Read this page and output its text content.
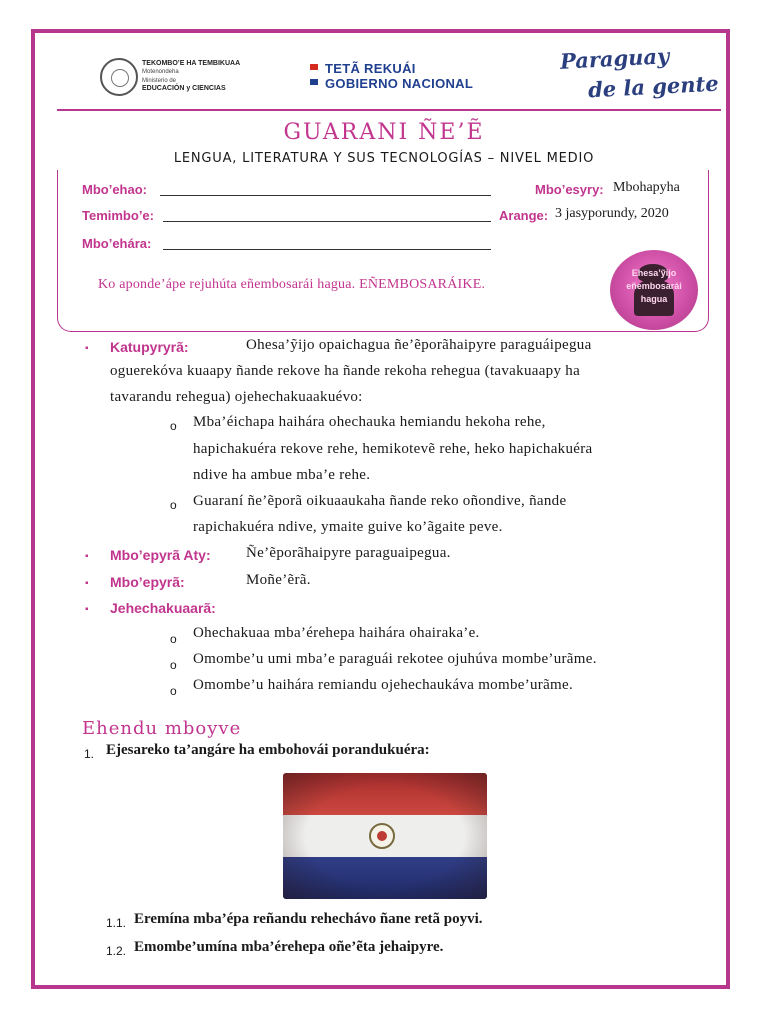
TEKOMBO’E HA TEMBIKUAA
Motenondeha
Ministerio de
EDUCACIÓN y CIENCIAS
TETÃ REKUÁI
GOBIERNO NACIONAL
Paraguay
de la gente
GUARANI ÑE’Ẽ
LENGUA, LITERATURA Y SUS TECNOLOGÍAS – NIVEL MEDIO
Mbo’ehao:
Temimbo’e:
Mbo’ehára:
Mbo’esyry: Mbohapyha
Arange: 3 jasyporundy, 2020
Ko aponde’ápe rejuhúta eñembosarái hagua. EÑEMBOSARÁIKE.
Ehesa’ỹijo
eñembosarái
hagua
▪ Katupyryrã:	Ohesa’ỹijo opaichagua ñe’ẽporãhaipyre paraguáipegua
oguerekóva kuaapy ñande rekove ha ñande rekoha rehegua (tavakuaapy ha
tavarandu rehegua) ojehechakuaakuévo:
o Mba’éichapa haihára ohechauka hemiandu hekoha rehe,
hapichakuéra rekove rehe, hemikotevẽ rehe, heko hapichakuéra
ndive ha ambue mba’e rehe.
o Guaraní ñe’ẽporã oikuaaukaha ñande reko oñondive, ñande
rapichakuéra ndive, ymaite guive ko’ãgaite peve.
▪ Mbo’epyrã Aty: Ñe’ẽporãhaipyre paraguaipegua.
▪ Mbo’epyrã:	Moñe’ẽrã.
▪ Jehechakuaarã:
o Ohechakuaa mba’érehepa haihára ohairaka’e.
o Omombe’u umi mba’e paraguái rekotee ojuhúva mombe’urãme.
o Omombe’u haihára remiandu ojehechaukáva mombe’urãme.
Ehendu mboyve
1. Ejesareko ta’angáre ha embohovái porandukuéra:
1.1. Eremína mba’épa reñandu rehechávo ñane retã poyvi.
1.2. Emombe’umína mba’érehepa oñe’ẽta jehaipyre.
